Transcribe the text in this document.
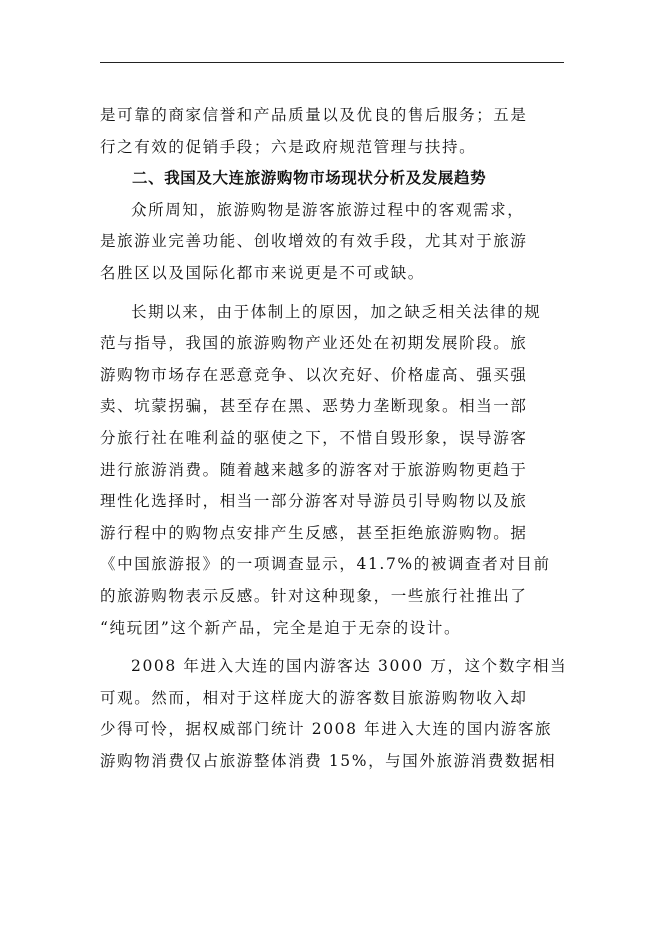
是可靠的商家信誉和产品质量以及优良的售后服务；五是
行之有效的促销手段；六是政府规范管理与扶持。

二、我国及大连旅游购物市场现状分析及发展趋势

众所周知，旅游购物是游客旅游过程中的客观需求，
是旅游业完善功能、创收增效的有效手段，尤其对于旅游
名胜区以及国际化都市来说更是不可或缺。

长期以来，由于体制上的原因，加之缺乏相关法律的规
范与指导，我国的旅游购物产业还处在初期发展阶段。旅
游购物市场存在恶意竞争、以次充好、价格虚高、强买强
卖、坑蒙拐骗，甚至存在黑、恶势力垄断现象。相当一部
分旅行社在唯利益的驱使之下，不惜自毁形象，误导游客
进行旅游消费。随着越来越多的游客对于旅游购物更趋于
理性化选择时，相当一部分游客对导游员引导购物以及旅
游行程中的购物点安排产生反感，甚至拒绝旅游购物。据
《中国旅游报》的一项调查显示，41.7%的被调查者对目前
的旅游购物表示反感。针对这种现象，一些旅行社推出了
“纯玩团”这个新产品，完全是迫于无奈的设计。

2008 年进入大连的国内游客达 3000 万，这个数字相当
可观。然而，相对于这样庞大的游客数目旅游购物收入却
少得可怜，据权威部门统计 2008 年进入大连的国内游客旅
游购物消费仅占旅游整体消费 15%，与国外旅游消费数据相
